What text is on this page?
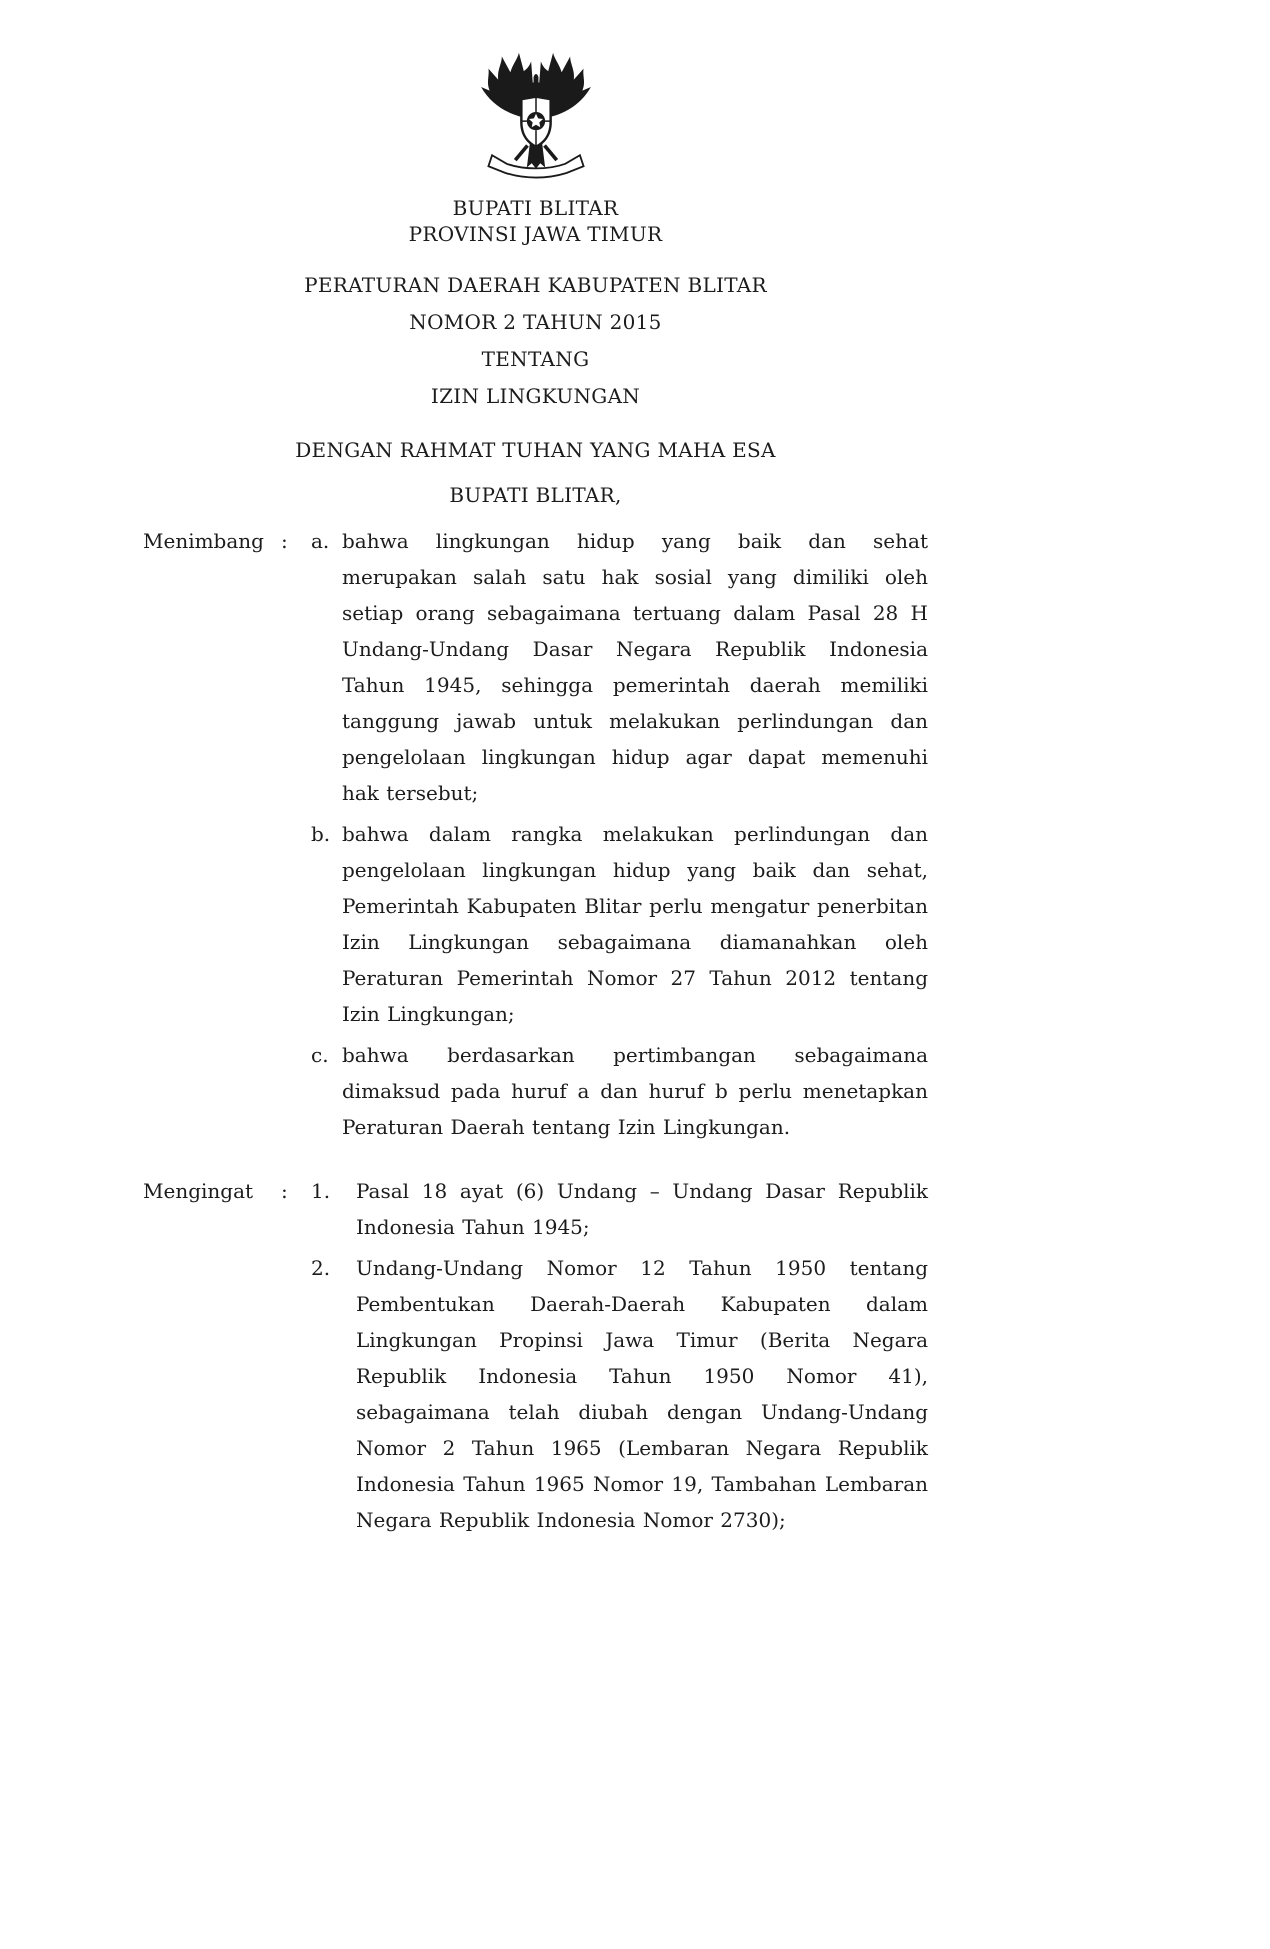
BUPATI BLITAR
PROVINSI JAWA TIMUR
PERATURAN DAERAH KABUPATEN BLITAR
NOMOR 2 TAHUN 2015
TENTANG
IZIN LINGKUNGAN
DENGAN RAHMAT TUHAN YANG MAHA ESA
BUPATI BLITAR,
Menimbang :	a. bahwa lingkungan hidup yang baik dan sehat merupakan salah satu hak sosial yang dimiliki oleh setiap orang sebagaimana tertuang dalam Pasal 28 H Undang-Undang Dasar Negara Republik Indonesia Tahun 1945, sehingga pemerintah daerah memiliki tanggung jawab untuk melakukan perlindungan dan pengelolaan lingkungan hidup agar dapat memenuhi hak tersebut;

b. bahwa dalam rangka melakukan perlindungan dan pengelolaan lingkungan hidup yang baik dan sehat, Pemerintah Kabupaten Blitar perlu mengatur penerbitan Izin Lingkungan sebagaimana diamanahkan oleh Peraturan Pemerintah Nomor 27 Tahun 2012 tentang Izin Lingkungan;

c. bahwa berdasarkan pertimbangan sebagaimana dimaksud pada huruf a dan huruf b perlu menetapkan Peraturan Daerah tentang Izin Lingkungan.

Mengingat	:	1.	Pasal 18 ayat (6) Undang – Undang Dasar Republik Indonesia Tahun 1945;

2.	Undang-Undang Nomor 12 Tahun 1950 tentang Pembentukan Daerah-Daerah Kabupaten dalam Lingkungan Propinsi Jawa Timur (Berita Negara Republik Indonesia Tahun 1950 Nomor 41), sebagaimana telah diubah dengan Undang-Undang Nomor 2 Tahun 1965 (Lembaran Negara Republik Indonesia Tahun 1965 Nomor 19, Tambahan Lembaran Negara Republik Indonesia Nomor 2730);
